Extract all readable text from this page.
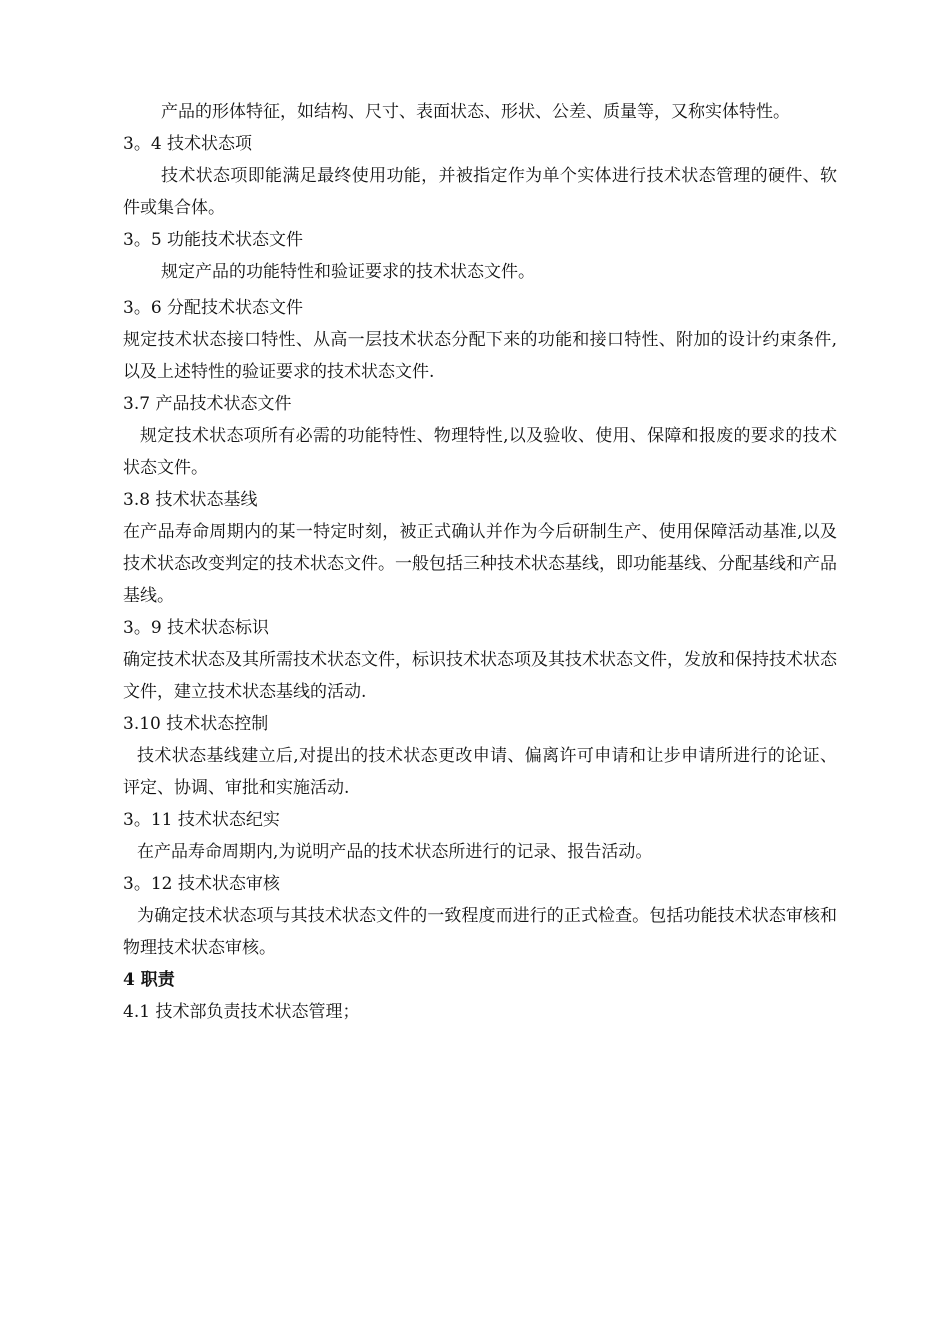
产品的形体特征，如结构、尺寸、表面状态、形状、公差、质量等，又称实体特性。

3。4 技术状态项

技术状态项即能满足最终使用功能，并被指定作为单个实体进行技术状态管理的硬件、软件或集合体。

3。5 功能技术状态文件

规定产品的功能特性和验证要求的技术状态文件。

3。6 分配技术状态文件

规定技术状态接口特性、从高一层技术状态分配下来的功能和接口特性、附加的设计约束条件,以及上述特性的验证要求的技术状态文件.

3.7 产品技术状态文件

规定技术状态项所有必需的功能特性、物理特性,以及验收、使用、保障和报废的要求的技术状态文件。

3.8 技术状态基线

在产品寿命周期内的某一特定时刻，被正式确认并作为今后研制生产、使用保障活动基准,以及技术状态改变判定的技术状态文件。一般包括三种技术状态基线，即功能基线、分配基线和产品基线。

3。9 技术状态标识

确定技术状态及其所需技术状态文件，标识技术状态项及其技术状态文件，发放和保持技术状态文件，建立技术状态基线的活动.

3.10 技术状态控制

技术状态基线建立后,对提出的技术状态更改申请、偏离许可申请和让步申请所进行的论证、评定、协调、审批和实施活动.

3。11 技术状态纪实

在产品寿命周期内,为说明产品的技术状态所进行的记录、报告活动。

3。12 技术状态审核

为确定技术状态项与其技术状态文件的一致程度而进行的正式检查。包括功能技术状态审核和物理技术状态审核。

4 职责

4.1 技术部负责技术状态管理；
